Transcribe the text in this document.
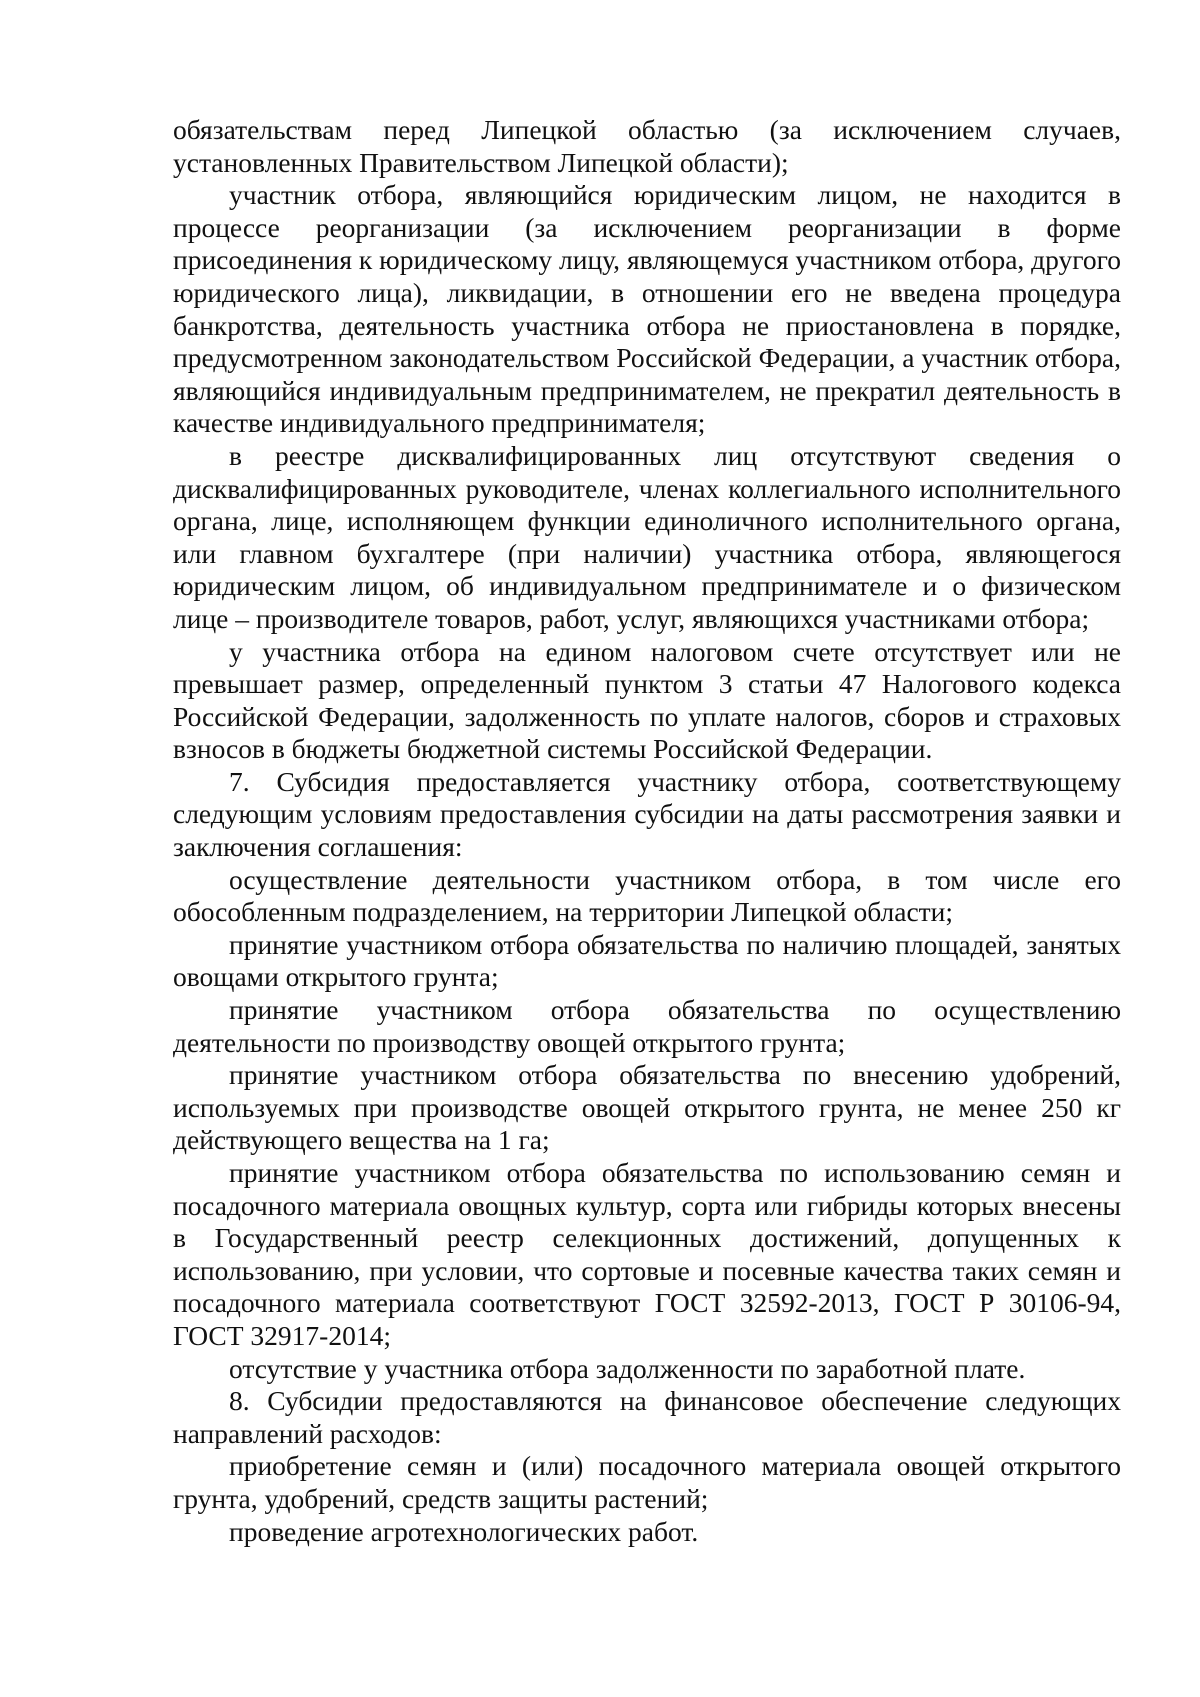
обязательствам перед Липецкой областью (за исключением случаев, установленных Правительством Липецкой области);

участник отбора, являющийся юридическим лицом, не находится в процессе реорганизации (за исключением реорганизации в форме присоединения к юридическому лицу, являющемуся участником отбора, другого юридического лица), ликвидации, в отношении его не введена процедура банкротства, деятельность участника отбора не приостановлена в порядке, предусмотренном законодательством Российской Федерации, а участник отбора, являющийся индивидуальным предпринимателем, не прекратил деятельность в качестве индивидуального предпринимателя;

в реестре дисквалифицированных лиц отсутствуют сведения о дисквалифицированных руководителе, членах коллегиального исполнительного органа, лице, исполняющем функции единоличного исполнительного органа, или главном бухгалтере (при наличии) участника отбора, являющегося юридическим лицом, об индивидуальном предпринимателе и о физическом лице – производителе товаров, работ, услуг, являющихся участниками отбора;

у участника отбора на едином налоговом счете отсутствует или не превышает размер, определенный пунктом 3 статьи 47 Налогового кодекса Российской Федерации, задолженность по уплате налогов, сборов и страховых взносов в бюджеты бюджетной системы Российской Федерации.

7. Субсидия предоставляется участнику отбора, соответствующему следующим условиям предоставления субсидии на даты рассмотрения заявки и заключения соглашения:

осуществление деятельности участником отбора, в том числе его обособленным подразделением, на территории Липецкой области;

принятие участником отбора обязательства по наличию площадей, занятых овощами открытого грунта;

принятие участником отбора обязательства по осуществлению деятельности по производству овощей открытого грунта;

принятие участником отбора обязательства по внесению удобрений, используемых при производстве овощей открытого грунта, не менее 250 кг действующего вещества на 1 га;

принятие участником отбора обязательства по использованию семян и посадочного материала овощных культур, сорта или гибриды которых внесены в Государственный реестр селекционных достижений, допущенных к использованию, при условии, что сортовые и посевные качества таких семян и посадочного материала соответствуют ГОСТ 32592-2013, ГОСТ Р 30106-94, ГОСТ 32917-2014;

отсутствие у участника отбора задолженности по заработной плате.

8. Субсидии предоставляются на финансовое обеспечение следующих направлений расходов:

приобретение семян и (или) посадочного материала овощей открытого грунта, удобрений, средств защиты растений;

проведение агротехнологических работ.
